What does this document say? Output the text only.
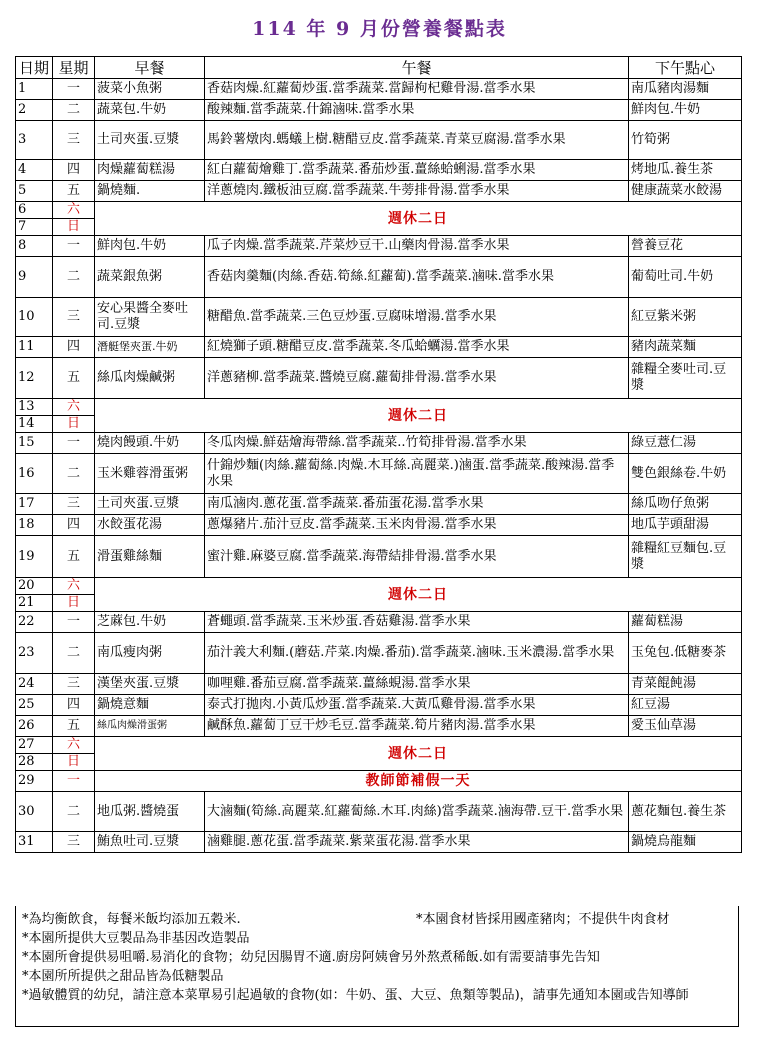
114 年 9 月份營養餐點表
日期	星期	早餐	午餐	下午點心
1	一	菠菜小魚粥	香菇肉燥.紅蘿蔔炒蛋.當季蔬菜.當歸枸杞雞骨湯.當季水果	南瓜豬肉湯麵
2	二	蔬菜包.牛奶	酸辣麵.當季蔬菜.什錦滷味.當季水果	鮮肉包.牛奶
3	三	土司夾蛋.豆漿	馬鈴薯燉肉.螞蟻上樹.糖醋豆皮.當季蔬菜.青菜豆腐湯.當季水果	竹筍粥
4	四	肉燥蘿蔔糕湯	紅白蘿蔔燴雞丁.當季蔬菜.番茄炒蛋.薑絲蛤蜊湯.當季水果	烤地瓜.養生茶
5	五	鍋燒麵.	洋蔥燒肉.鐵板油豆腐.當季蔬菜.牛蒡排骨湯.當季水果	健康蔬菜水餃湯
6	六	週休二日		
7	日			
8	一	鮮肉包.牛奶	瓜子肉燥.當季蔬菜.芹菜炒豆干.山藥肉骨湯.當季水果	營養豆花
9	二	蔬菜銀魚粥	香菇肉羹麵(肉絲.香菇.筍絲.紅蘿蔔).當季蔬菜.滷味.當季水果	葡萄吐司.牛奶
10	三	安心果醬全麥吐司.豆漿	糖醋魚.當季蔬菜.三色豆炒蛋.豆腐味增湯.當季水果	紅豆紫米粥
11	四	潛艇堡夾蛋.牛奶	紅燒獅子頭.糖醋豆皮.當季蔬菜.冬瓜蛤蠣湯.當季水果	豬肉蔬菜麵
12	五	絲瓜肉燥鹹粥	洋蔥豬柳.當季蔬菜.醬燒豆腐.蘿蔔排骨湯.當季水果	雜糧全麥吐司.豆漿
13	六	週休二日		
14	日			
15	一	燒肉饅頭.牛奶	冬瓜肉燥.鮮菇燴海帶絲.當季蔬菜..竹筍排骨湯.當季水果	綠豆薏仁湯
16	二	玉米雞蓉滑蛋粥	什錦炒麵(肉絲.蘿蔔絲.肉燥.木耳絲.高麗菜.)滷蛋.當季蔬菜.酸辣湯.當季水果	雙色銀絲卷.牛奶
17	三	土司夾蛋.豆漿	南瓜滷肉.蔥花蛋.當季蔬菜.番茄蛋花湯.當季水果	絲瓜吻仔魚粥
18	四	水餃蛋花湯	蔥爆豬片.茄汁豆皮.當季蔬菜.玉米肉骨湯.當季水果	地瓜芋頭甜湯
19	五	滑蛋雞絲麵	蜜汁雞.麻婆豆腐.當季蔬菜.海帶結排骨湯.當季水果	雜糧紅豆麵包.豆漿
20	六	週休二日		
21	日			
22	一	芝蔴包.牛奶	蒼蠅頭.當季蔬菜.玉米炒蛋.香菇雞湯.當季水果	蘿蔔糕湯
23	二	南瓜瘦肉粥	茄汁義大利麵.(蘑菇.芹菜.肉燥.番茄).當季蔬菜.滷味.玉米濃湯.當季水果	玉兔包.低糖麥茶
24	三	漢堡夾蛋.豆漿	咖哩雞.番茄豆腐.當季蔬菜.薑絲蜆湯.當季水果	青菜餛飩湯
25	四	鍋燒意麵	泰式打拋肉.小黃瓜炒蛋.當季蔬菜.大黃瓜雞骨湯.當季水果	紅豆湯
26	五	絲瓜肉燥滑蛋粥	鹹酥魚.蘿蔔丁豆干炒毛豆.當季蔬菜.筍片豬肉湯.當季水果	愛玉仙草湯
27	六	週休二日		
28	日			
29	一	教師節補假一天		
30	二	地瓜粥.醬燒蛋	大滷麵(筍絲.高麗菜.紅蘿蔔絲.木耳.肉絲)當季蔬菜.滷海帶.豆干.當季水果	蔥花麵包.養生茶
31	三	鮪魚吐司.豆漿	滷雞腿.蔥花蛋.當季蔬菜.紫菜蛋花湯.當季水果	鍋燒烏龍麵
*為均衡飲食，每餐米飯均添加五穀米.	*本園食材皆採用國產豬肉；不提供牛肉食材
*本園所提供大豆製品為非基因改造製品
*本園所會提供易咀嚼.易消化的食物；幼兒因腸胃不適.廚房阿姨會另外熬煮稀飯.如有需要請事先告知
*本園所所提供之甜品皆為低糖製品
*過敏體質的幼兒，請注意本菜單易引起過敏的食物(如：牛奶、蛋、大豆、魚類等製品)，請事先通知本園或告知導師
